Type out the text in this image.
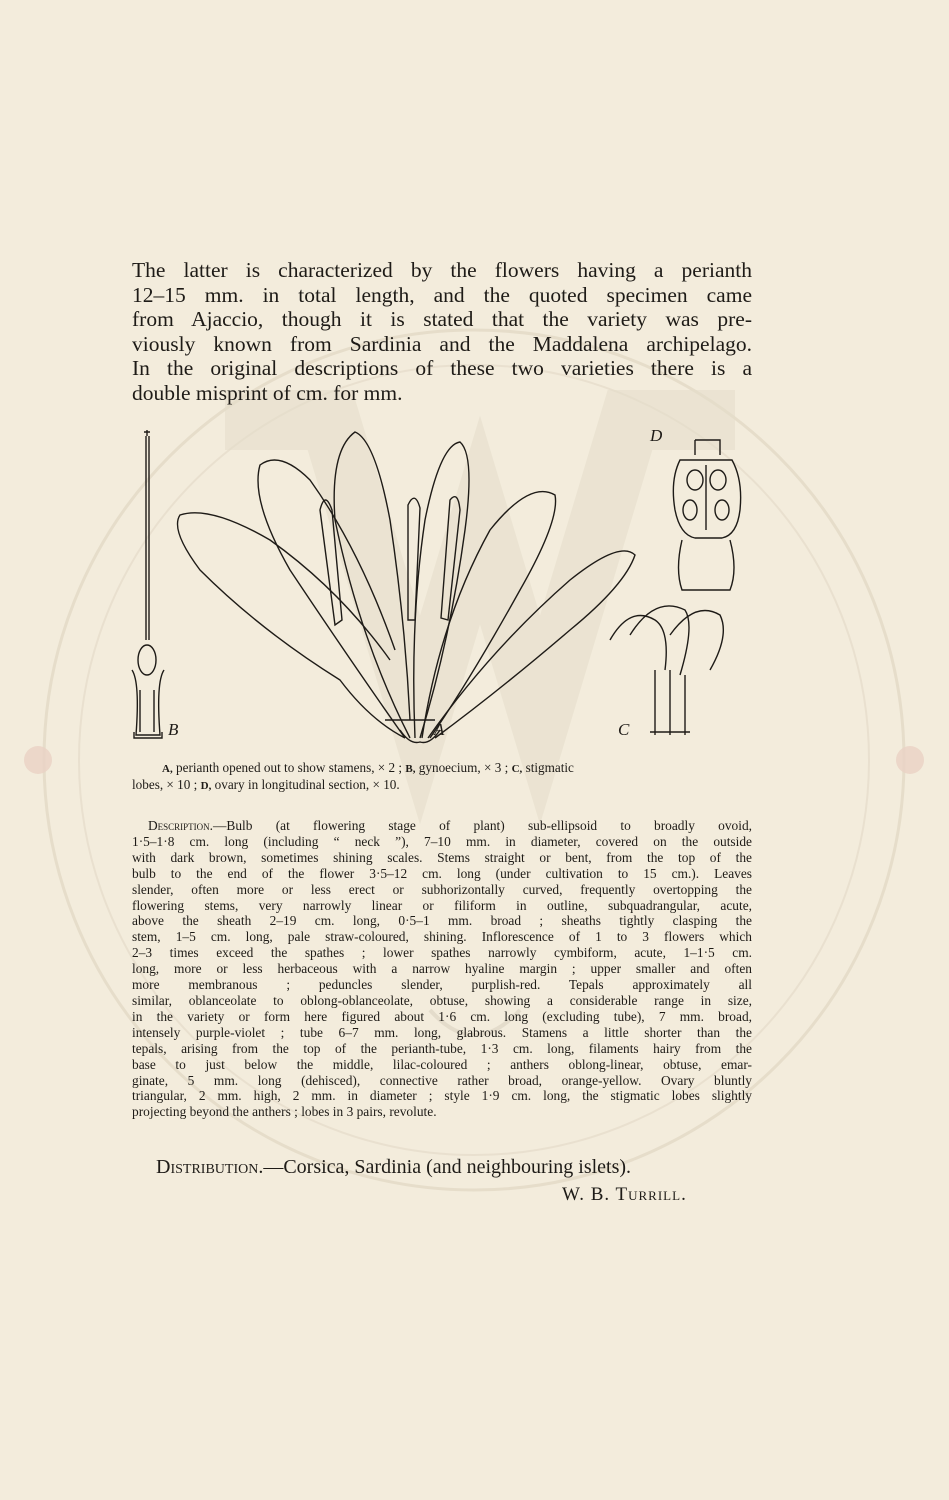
The latter is characterized by the flowers having a perianth
12–15 mm. in total length, and the quoted specimen came
from Ajaccio, though it is stated that the variety was pre-
viously known from Sardinia and the Maddalena archipelago.
In the original descriptions of these two varieties there is a
double misprint of cm. for mm.

B	A	C
D
A, perianth opened out to show stamens, × 2 ; B, gynoecium, × 3 ; C, stigmatic
lobes, × 10 ; D, ovary in longitudinal section, × 10.
Description.—Bulb (at flowering stage of plant) sub-ellipsoid to broadly ovoid,
1·5–1·8 cm. long (including “ neck ”), 7–10 mm. in diameter, covered on the outside
with dark brown, sometimes shining scales. Stems straight or bent, from the top of the
bulb to the end of the flower 3·5–12 cm. long (under cultivation to 15 cm.). Leaves
slender, often more or less erect or subhorizontally curved, frequently overtopping the
flowering stems, very narrowly linear or filiform in outline, subquadrangular, acute,
above the sheath 2–19 cm. long, 0·5–1 mm. broad ; sheaths tightly clasping the
stem, 1–5 cm. long, pale straw-coloured, shining. Inflorescence of 1 to 3 flowers which
2–3 times exceed the spathes ; lower spathes narrowly cymbiform, acute, 1–1·5 cm.
long, more or less herbaceous with a narrow hyaline margin ; upper smaller and often
more membranous ; peduncles slender, purplish-red. Tepals approximately all
similar, oblanceolate to oblong-oblanceolate, obtuse, showing a considerable range in size,
in the variety or form here figured about 1·6 cm. long (excluding tube), 7 mm. broad,
intensely purple-violet ; tube 6–7 mm. long, glabrous. Stamens a little shorter than the
tepals, arising from the top of the perianth-tube, 1·3 cm. long, filaments hairy from the
base to just below the middle, lilac-coloured ; anthers oblong-linear, obtuse, emar-
ginate, 5 mm. long (dehisced), connective rather broad, orange-yellow. Ovary bluntly
triangular, 2 mm. high, 2 mm. in diameter ; style 1·9 cm. long, the stigmatic lobes slightly
projecting beyond the anthers ; lobes in 3 pairs, revolute.
Distribution.—Corsica, Sardinia (and neighbouring islets).
W. B. Turrill.
